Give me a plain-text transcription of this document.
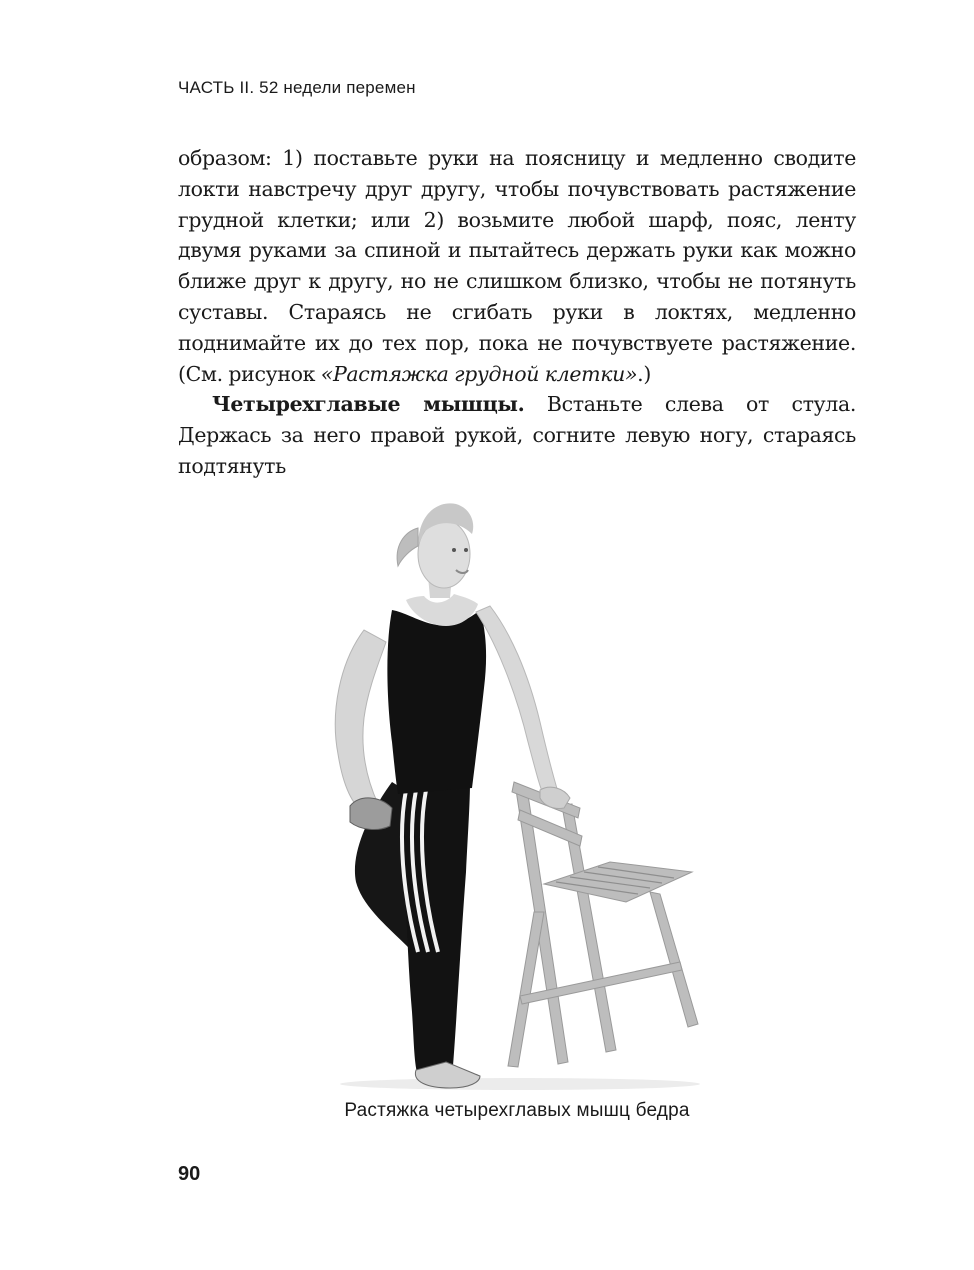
ЧАСТЬ II. 52 недели перемен

образом: 1) поставьте руки на поясницу и медленно сводите локти навстречу друг другу, чтобы почувствовать растяжение грудной клетки; или 2) возьмите любой шарф, пояс, ленту двумя руками за спиной и пытайтесь держать руки как можно ближе друг к другу, но не слишком близко, чтобы не потянуть суставы. Стараясь не сгибать руки в локтях, медленно поднимайте их до тех пор, пока не почувствуете растяжение. (См. рисунок «Растяжка грудной клетки».)

Четырехглавые мышцы. Встаньте слева от стула. Держась за него правой рукой, согните левую ногу, стараясь подтянуть

Растяжка четырехглавых мышц бедра
90
